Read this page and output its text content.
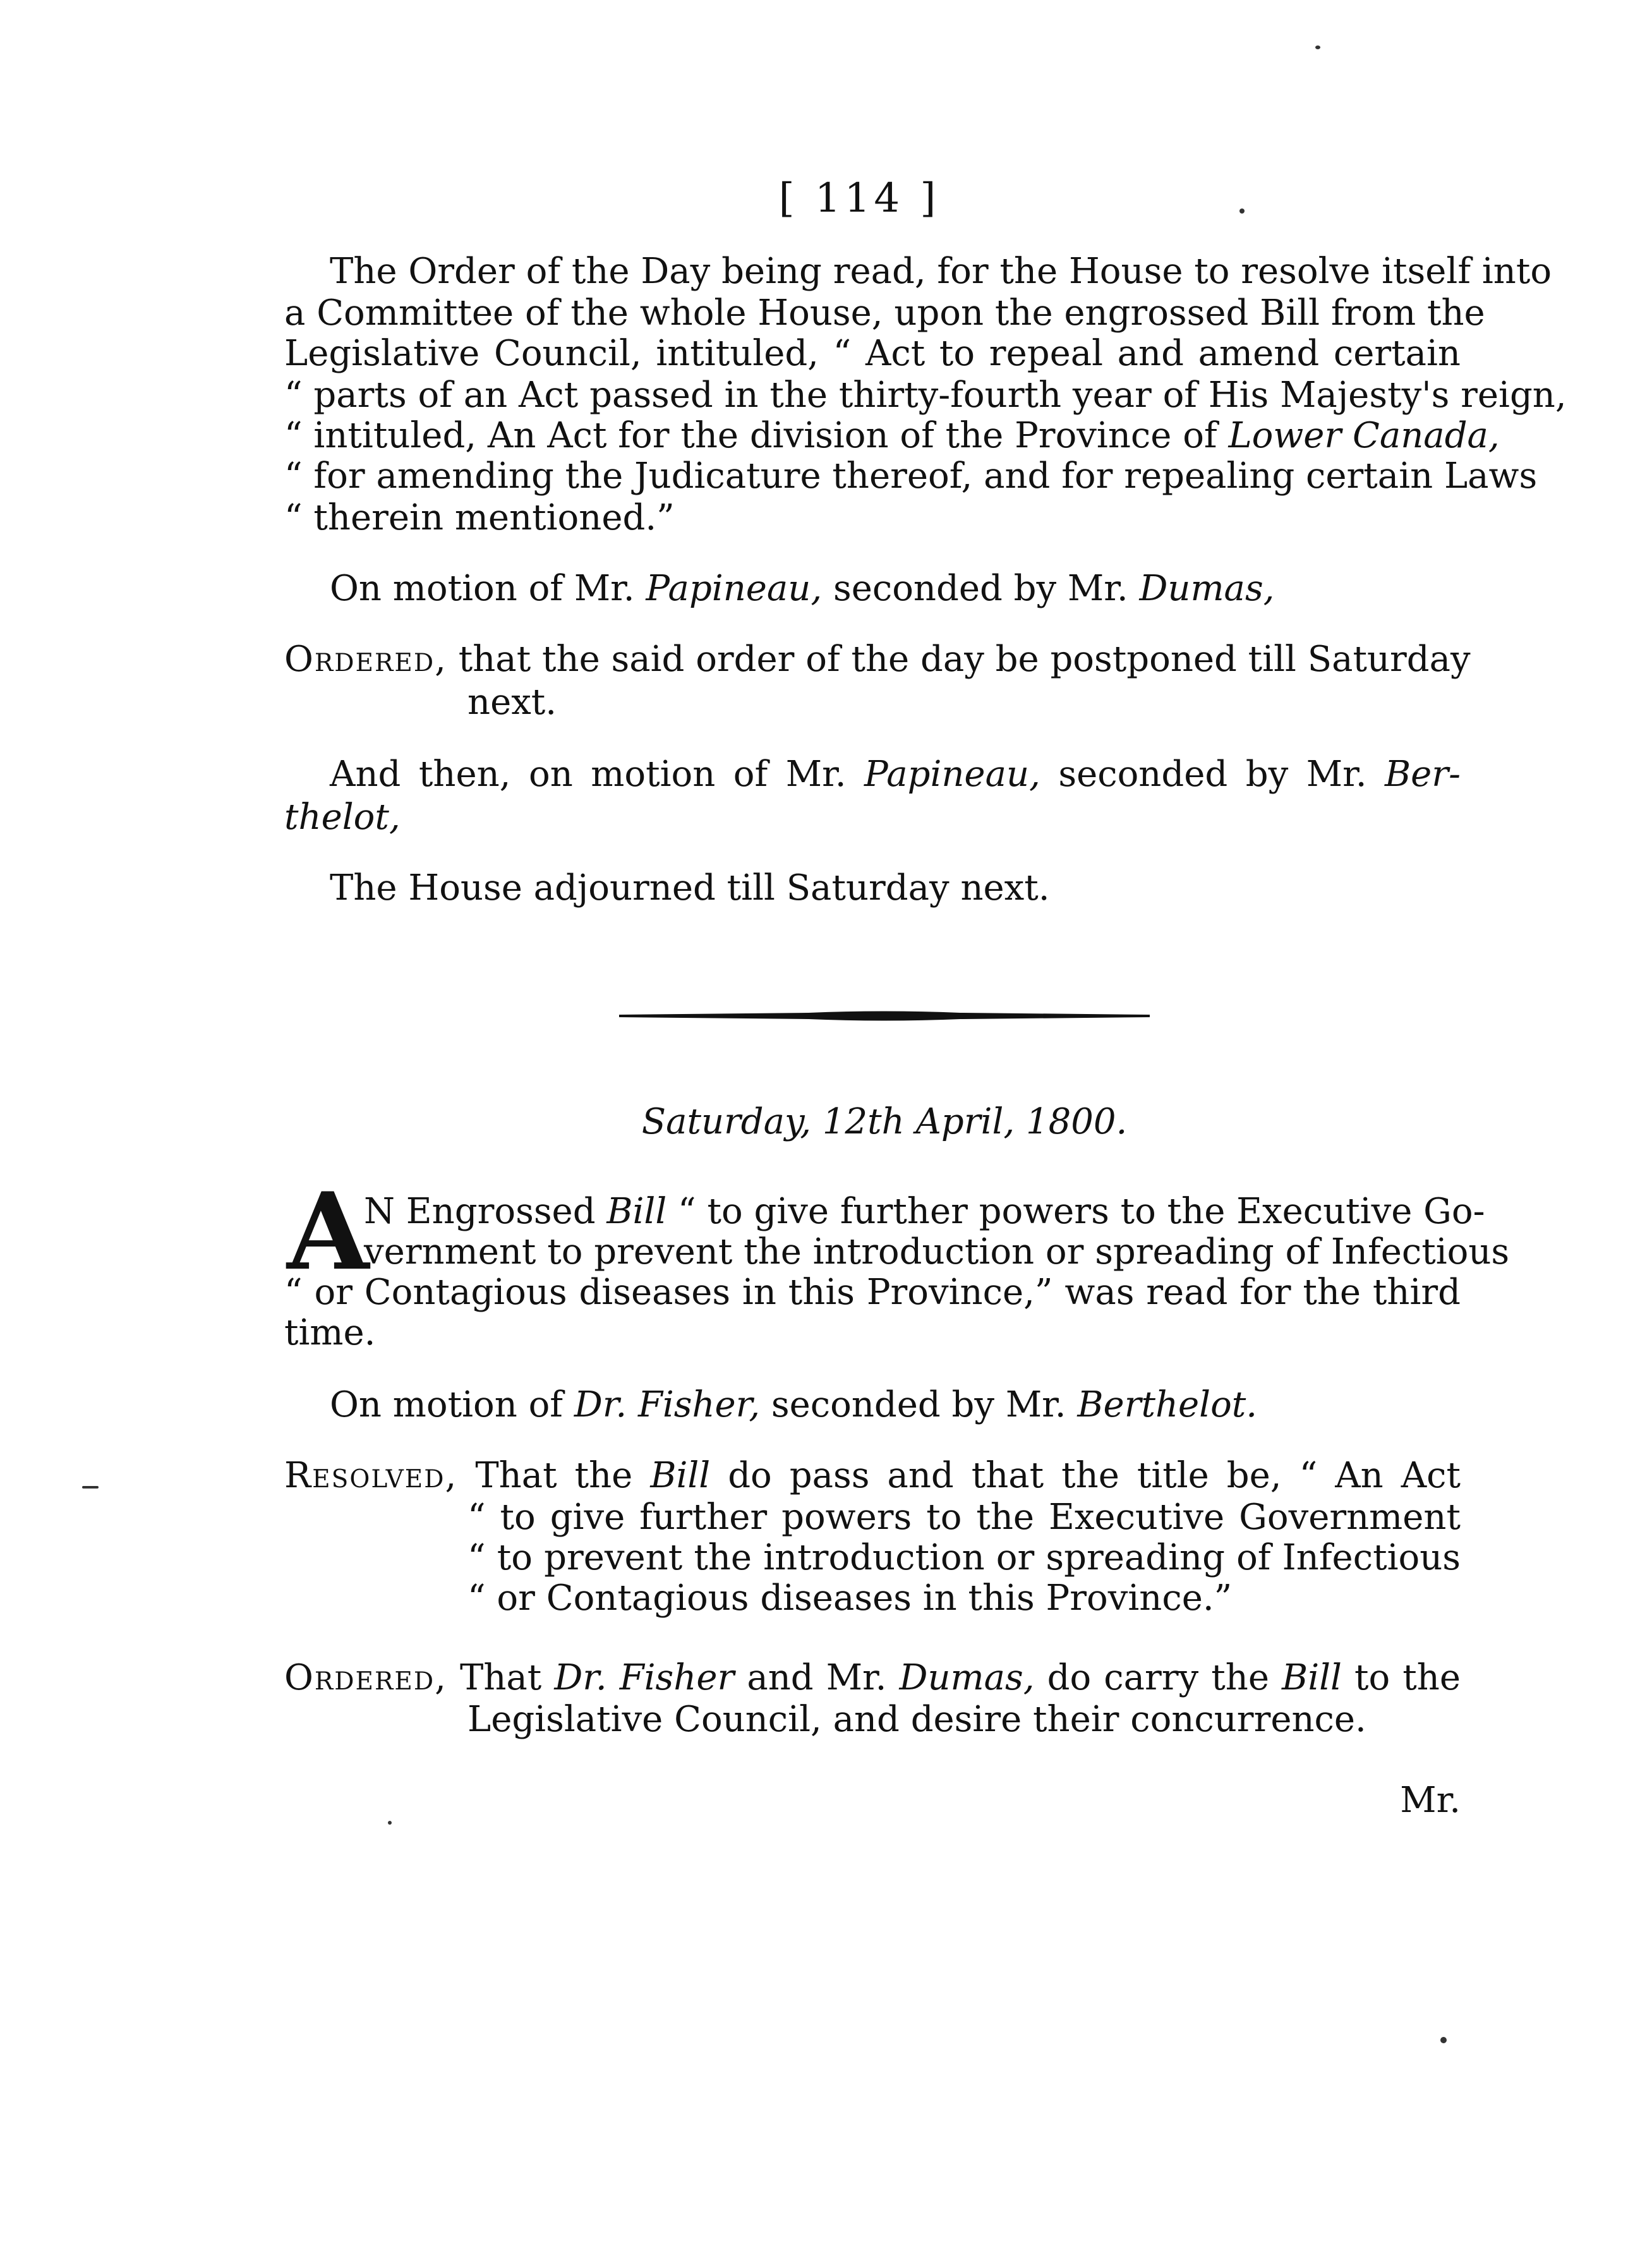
[ 114 ]
The Order of the Day being read, for the House to resolve itself into
a Committee of the whole House, upon the engrossed Bill from the
Legislative Council, intituled, “ Act to repeal and amend certain
“ parts of an Act passed in the thirty-fourth year of His Majesty's reign,
“ intituled, An Act for the division of the Province of Lower Canada,
“ for amending the Judicature thereof, and for repealing certain Laws
“ therein mentioned.”
On motion of Mr. Papineau, seconded by Mr. Dumas,
Ordered, that the said order of the day be postponed till Saturday
next.
And then, on motion of Mr. Papineau, seconded by Mr. Ber-
thelot,
The House adjourned till Saturday next.
Saturday, 12th April, 1800.
A
N Engrossed Bill “ to give further powers to the Executive Go-
vernment to prevent the introduction or spreading of Infectious
“ or Contagious diseases in this Province,” was read for the third
time.
On motion of Dr. Fisher, seconded by Mr. Berthelot.
Resolved, That the Bill do pass and that the title be, “ An Act
“ to give further powers to the Executive Government
“ to prevent the introduction or spreading of Infectious
“ or Contagious diseases in this Province.”
Ordered, That Dr. Fisher and Mr. Dumas, do carry the Bill to the
Legislative Council, and desire their concurrence.
Mr.
